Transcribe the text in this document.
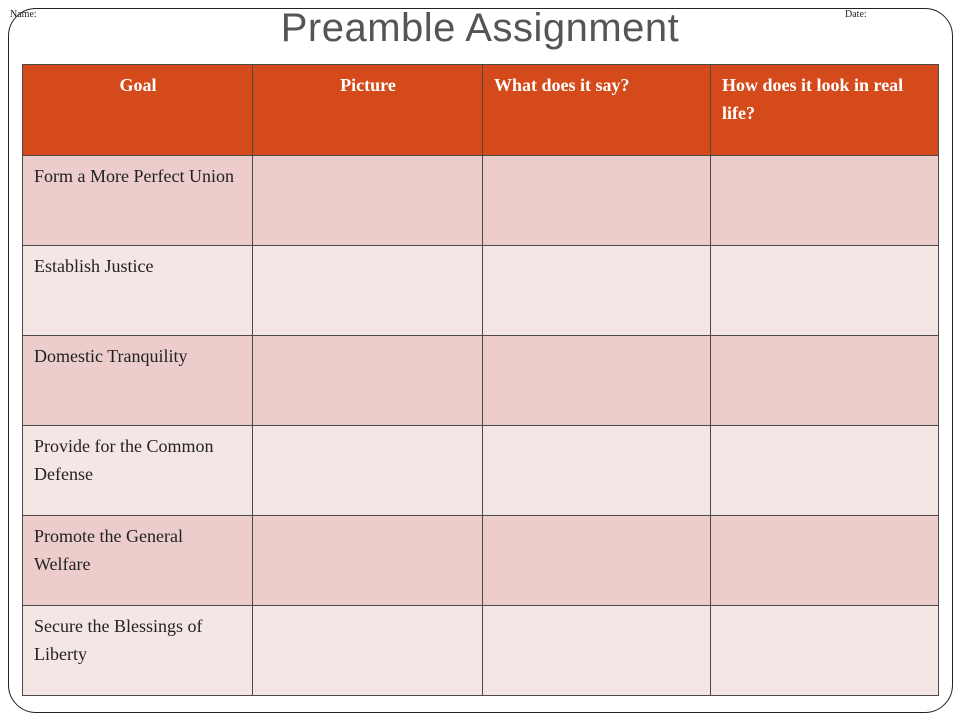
Name:	Date:
Preamble Assignment
Goal	Picture	What does it say?	How does it look in real life?
Form a More Perfect Union			
Establish Justice			
Domestic Tranquility			
Provide for the Common Defense			
Promote the General Welfare			
Secure the Blessings of Liberty			
